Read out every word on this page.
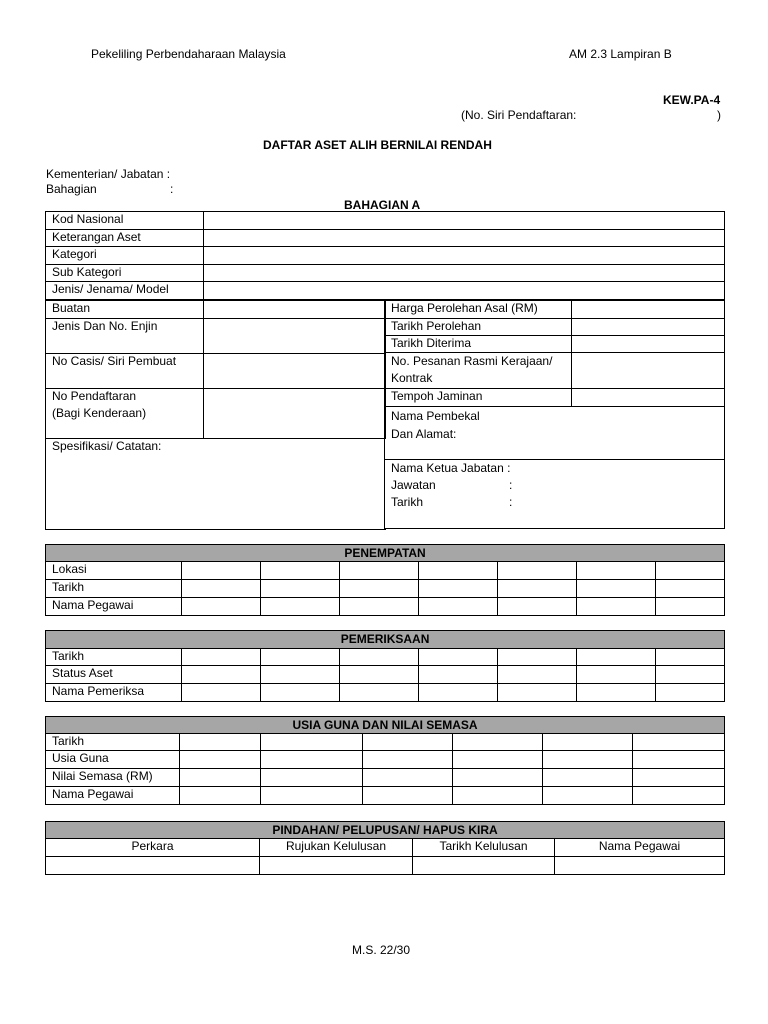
Pekeliling Perbendaharaan Malaysia	AM 2.3 Lampiran B
KEW.PA-4
(No. Siri Pendaftaran:	)
DAFTAR ASET ALIH BERNILAI RENDAH
Kementerian/ Jabatan :
Bahagian	:
BAHAGIAN A
Kod Nasional	
Keterangan Aset	
Kategori	
Sub Kategori	
Jenis/ Jenama/ Model	
Buatan	
Jenis Dan No. Enjin	
No Casis/ Siri Pembuat	

No Pendaftaran
(Bagi Kenderaan)	

Spesifikasi/ Catatan:	
Harga Perolehan Asal (RM)	
Tarikh Perolehan	
Tarikh Diterima	

No. Pesanan Rasmi Kerajaan/
Kontrak	

Tempoh Jaminan	

Nama Pembekal
Dan Alamat:	

Nama Ketua Jabatan :
Jawatan :
Tarikh :	
PENEMPATAN							
Lokasi							
Tarikh							
Nama Pegawai							
PEMERIKSAAN							
Tarikh							
Status Aset							
Nama Pemeriksa							
USIA GUNA DAN NILAI SEMASA						
Tarikh						
Usia Guna						
Nilai Semasa (RM)						
Nama Pegawai						
PINDAHAN/ PELUPUSAN/ HAPUS KIRA			
Perkara	Rujukan Kelulusan	Tarikh Kelulusan	Nama Pegawai

M.S. 22/30
